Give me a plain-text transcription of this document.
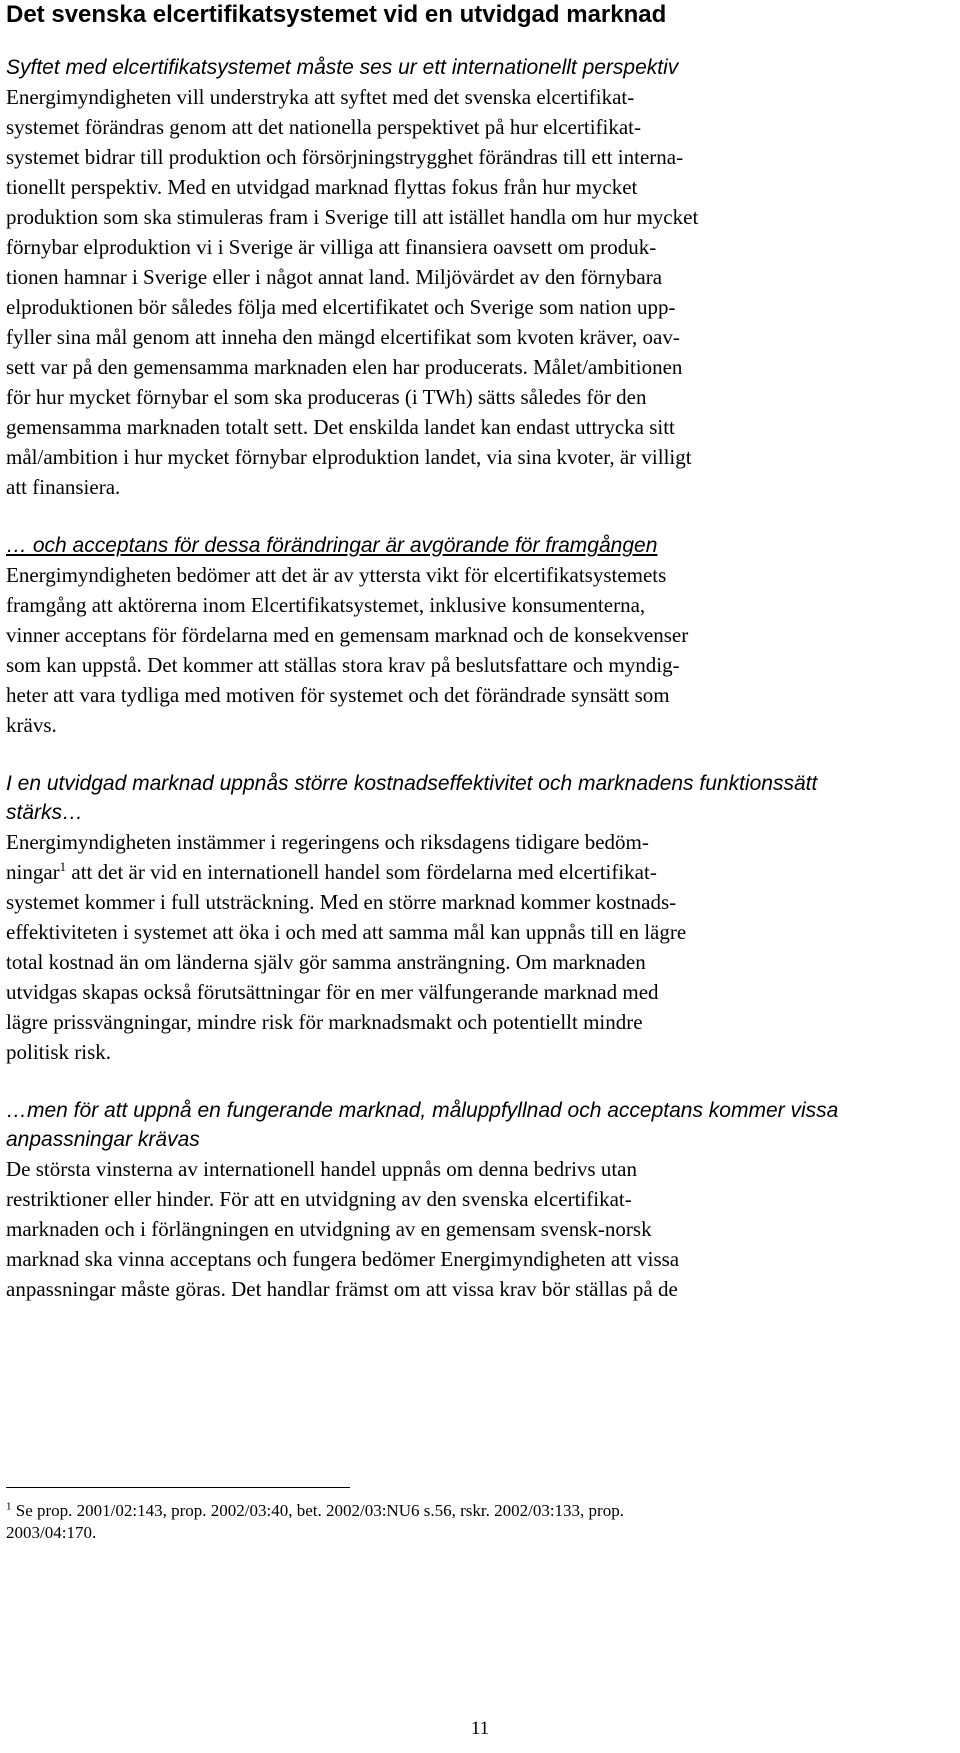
Det svenska elcertifikatsystemet vid en utvidgad marknad

Syftet med elcertifikatsystemet måste ses ur ett internationellt perspektiv

Energimyndigheten vill understryka att syftet med det svenska elcertifikat-
systemet förändras genom att det nationella perspektivet på hur elcertifikat-
systemet bidrar till produktion och försörjningstrygghet förändras till ett interna-
tionellt perspektiv. Med en utvidgad marknad flyttas fokus från hur mycket
produktion som ska stimuleras fram i Sverige till att istället handla om hur mycket
förnybar elproduktion vi i Sverige är villiga att finansiera oavsett om produk-
tionen hamnar i Sverige eller i något annat land. Miljövärdet av den förnybara
elproduktionen bör således följa med elcertifikatet och Sverige som nation upp-
fyller sina mål genom att inneha den mängd elcertifikat som kvoten kräver, oav-
sett var på den gemensamma marknaden elen har producerats. Målet/ambitionen
för hur mycket förnybar el som ska produceras (i TWh) sätts således för den
gemensamma marknaden totalt sett. Det enskilda landet kan endast uttrycka sitt
mål/ambition i hur mycket förnybar elproduktion landet, via sina kvoter, är villigt
att finansiera.

… och acceptans för dessa förändringar är avgörande för framgången

Energimyndigheten bedömer att det är av yttersta vikt för elcertifikatsystemets
framgång att aktörerna inom Elcertifikatsystemet, inklusive konsumenterna,
vinner acceptans för fördelarna med en gemensam marknad och de konsekvenser
som kan uppstå. Det kommer att ställas stora krav på beslutsfattare och myndig-
heter att vara tydliga med motiven för systemet och det förändrade synsätt som
krävs.

I en utvidgad marknad uppnås större kostnadseffektivitet och marknadens funktionssätt stärks…

Energimyndigheten instämmer i regeringens och riksdagens tidigare bedöm-
ningar$^1$ att det är vid en internationell handel som fördelarna med elcertifikat-
systemet kommer i full utsträckning. Med en större marknad kommer kostnads-
effektiviteten i systemet att öka i och med att samma mål kan uppnås till en lägre
total kostnad än om länderna själv gör samma ansträngning. Om marknaden
utvidgas skapas också förutsättningar för en mer välfungerande marknad med
lägre prissvängningar, mindre risk för marknadsmakt och potentiellt mindre
politisk risk.

…men för att uppnå en fungerande marknad, måluppfyllnad och acceptans kommer vissa anpassningar krävas

De största vinsterna av internationell handel uppnås om denna bedrivs utan
restriktioner eller hinder. För att en utvidgning av den svenska elcertifikat-
marknaden och i förlängningen en utvidgning av en gemensam svensk-norsk
marknad ska vinna acceptans och fungera bedömer Energimyndigheten att vissa
anpassningar måste göras. Det handlar främst om att vissa krav bör ställas på de

$^1$ Se prop. 2001/02:143, prop. 2002/03:40, bet. 2002/03:NU6 s.56, rskr. 2002/03:133, prop.
2003/04:170.
11
